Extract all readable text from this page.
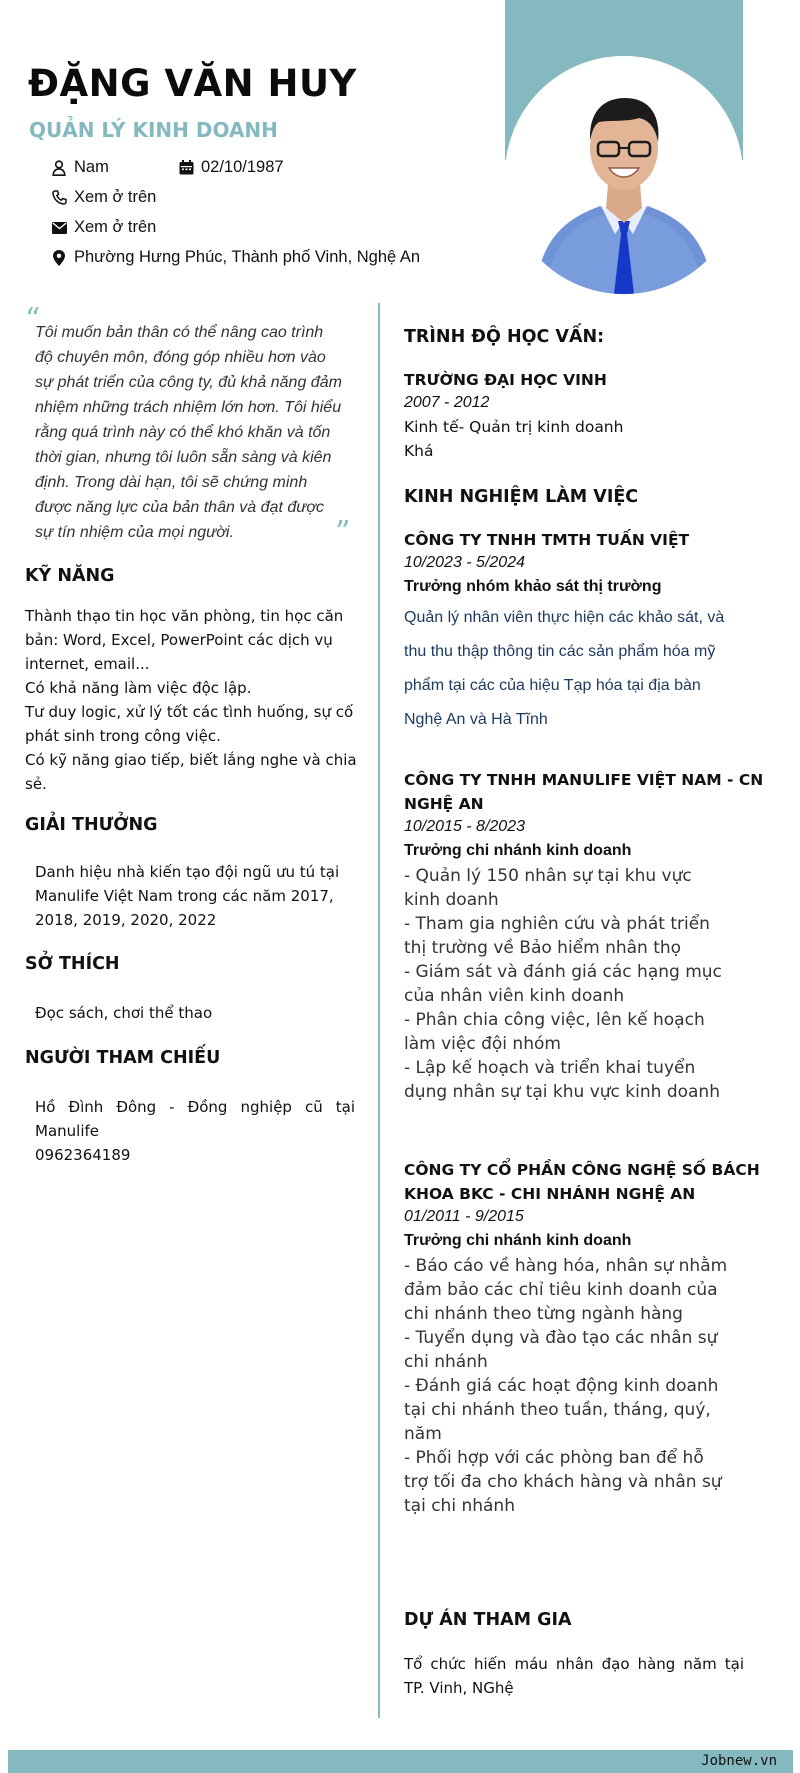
ĐẶNG VĂN HUY
QUẢN LÝ KINH DOANH
Nam	02/10/1987
Xem ở trên
Xem ở trên
Phường Hưng Phúc, Thành phố Vinh, Nghệ An
“
Tôi muốn bản thân có thể nâng cao trình
độ chuyên môn, đóng góp nhiều hơn vào
sự phát triển của công ty, đủ khả năng đảm
nhiệm những trách nhiệm lớn hơn. Tôi hiểu
rằng quá trình này có thể khó khăn và tốn
thời gian, nhưng tôi luôn sẵn sàng và kiên
định. Trong dài hạn, tôi sẽ chứng minh
được năng lực của bản thân và đạt được
sự tín nhiệm của mọi người.	”
KỸ NĂNG
Thành thạo tin học văn phòng, tin học căn
bản: Word, Excel, PowerPoint các dịch vụ
internet, email...
Có khả năng làm việc độc lập.
Tư duy logic, xử lý tốt các tình huống, sự cố
phát sinh trong công việc.
Có kỹ năng giao tiếp, biết lắng nghe và chia
sẻ.
GIẢI THƯỞNG
Danh hiệu nhà kiến tạo đội ngũ ưu tú tại
Manulife Việt Nam trong các năm 2017,
2018, 2019, 2020, 2022
SỞ THÍCH
Đọc sách, chơi thể thao
NGƯỜI THAM CHIẾU
Hồ Đình Đông - Đồng nghiệp cũ tại
Manulife
0962364189
TRÌNH ĐỘ HỌC VẤN:
TRƯỜNG ĐẠI HỌC VINH
2007 - 2012
Kinh tế- Quản trị kinh doanh
Khá
KINH NGHIỆM LÀM VIỆC
CÔNG TY TNHH TMTH TUẤN VIỆT
10/2023 - 5/2024
Trưởng nhóm khảo sát thị trường
Quản lý nhân viên thực hiện các khảo sát, và
thu thu thập thông tin các sản phẩm hóa mỹ
phẩm tại các của hiệu Tạp hóa tại địa bàn
Nghệ An và Hà Tĩnh
CÔNG TY TNHH MANULIFE VIỆT NAM - CN
NGHỆ AN
10/2015 - 8/2023
Trưởng chi nhánh kinh doanh
- Quản lý 150 nhân sự tại khu vực
kinh doanh
- Tham gia nghiên cứu và phát triển
thị trường về Bảo hiểm nhân thọ
- Giám sát và đánh giá các hạng mục
của nhân viên kinh doanh
- Phân chia công việc, lên kế hoạch
làm việc đội nhóm
- Lập kế hoạch và triển khai tuyển
dụng nhân sự tại khu vực kinh doanh
CÔNG TY CỔ PHẦN CÔNG NGHỆ SỐ BÁCH
KHOA BKC - CHI NHÁNH NGHỆ AN
01/2011 - 9/2015
Trưởng chi nhánh kinh doanh
- Báo cáo về hàng hóa, nhân sự nhằm
đảm bảo các chỉ tiêu kinh doanh của
chi nhánh theo từng ngành hàng
- Tuyển dụng và đào tạo các nhân sự
chi nhánh
- Đánh giá các hoạt động kinh doanh
tại chi nhánh theo tuần, tháng, quý,
năm
- Phối hợp với các phòng ban để hỗ
trợ tối đa cho khách hàng và nhân sự
tại chi nhánh
DỰ ÁN THAM GIA
Tổ chức hiến máu nhân đạo hàng năm tại
TP. Vinh, NGhệ
Jobnew.vn
